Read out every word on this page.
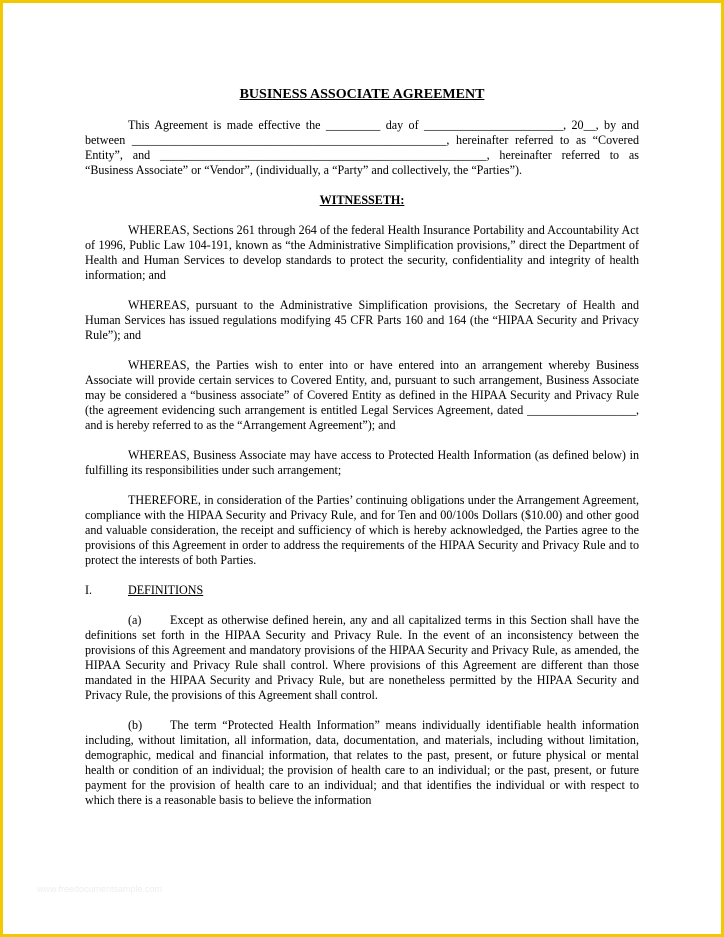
BUSINESS ASSOCIATE AGREEMENT

This Agreement is made effective the _________ day of _______________________, 20__, by and between ____________________________________________________, hereinafter referred to as “Covered Entity”, and ______________________________________________________, hereinafter referred to as “Business Associate” or “Vendor”, (individually, a “Party” and collectively, the “Parties”).

WITNESSETH:

WHEREAS, Sections 261 through 264 of the federal Health Insurance Portability and Accountability Act of 1996, Public Law 104-191, known as “the Administrative Simplification provisions,” direct the Department of Health and Human Services to develop standards to protect the security, confidentiality and integrity of health information; and

WHEREAS, pursuant to the Administrative Simplification provisions, the Secretary of Health and Human Services has issued regulations modifying 45 CFR Parts 160 and 164 (the “HIPAA Security and Privacy Rule”); and

WHEREAS, the Parties wish to enter into or have entered into an arrangement whereby Business Associate will provide certain services to Covered Entity, and, pursuant to such arrangement, Business Associate may be considered a “business associate” of Covered Entity as defined in the HIPAA Security and Privacy Rule (the agreement evidencing such arrangement is entitled Legal Services Agreement, dated __________________, and is hereby referred to as the “Arrangement Agreement”); and

WHEREAS, Business Associate may have access to Protected Health Information (as defined below) in fulfilling its responsibilities under such arrangement;

THEREFORE, in consideration of the Parties’ continuing obligations under the Arrangement Agreement, compliance with the HIPAA Security and Privacy Rule, and for Ten and 00/100s Dollars ($10.00) and other good and valuable consideration, the receipt and sufficiency of which is hereby acknowledged, the Parties agree to the provisions of this Agreement in order to address the requirements of the HIPAA Security and Privacy Rule and to protect the interests of both Parties.

I.	DEFINITIONS

(a) Except as otherwise defined herein, any and all capitalized terms in this Section shall have the definitions set forth in the HIPAA Security and Privacy Rule. In the event of an inconsistency between the provisions of this Agreement and mandatory provisions of the HIPAA Security and Privacy Rule, as amended, the HIPAA Security and Privacy Rule shall control. Where provisions of this Agreement are different than those mandated in the HIPAA Security and Privacy Rule, but are nonetheless permitted by the HIPAA Security and Privacy Rule, the provisions of this Agreement shall control.

(b) The term “Protected Health Information” means individually identifiable health information including, without limitation, all information, data, documentation, and materials, including without limitation, demographic, medical and financial information, that relates to the past, present, or future physical or mental health or condition of an individual; the provision of health care to an individual; or the past, present, or future payment for the provision of health care to an individual; and that identifies the individual or with respect to which there is a reasonable basis to believe the information

www.freedocumentsample.com
